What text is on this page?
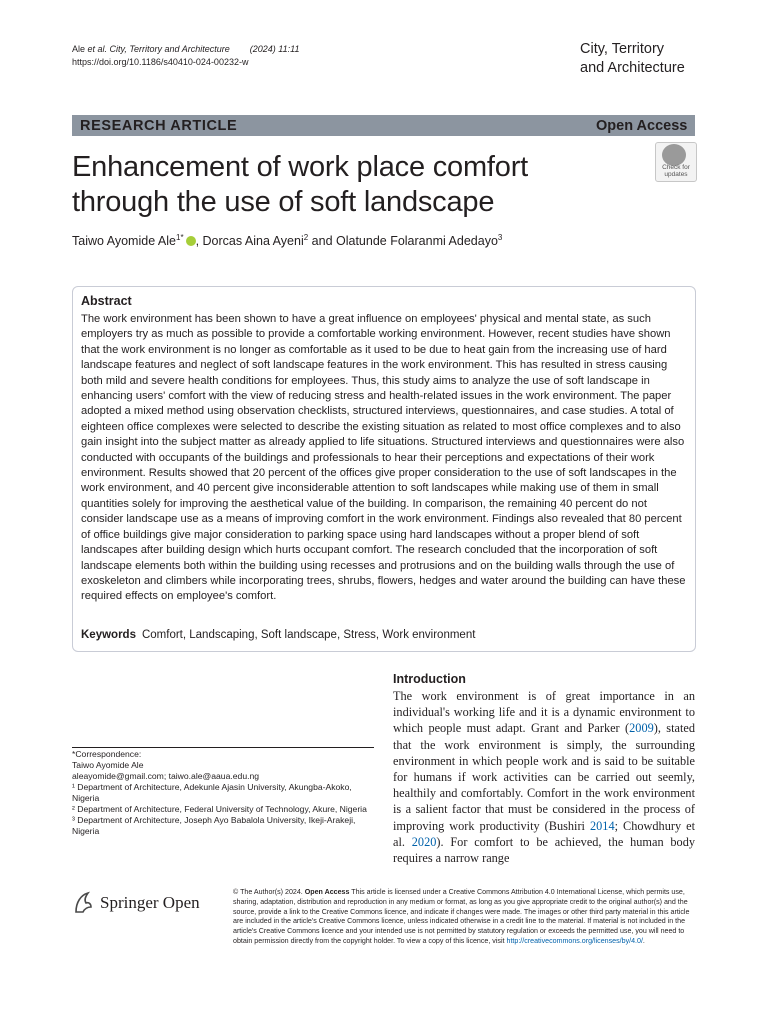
Ale et al. City, Territory and Architecture (2024) 11:11
https://doi.org/10.1186/s40410-024-00232-w
City, Territory
and Architecture
RESEARCH ARTICLE	Open Access
Enhancement of work place comfort through the use of soft landscape
Check for updates
Taiwo Ayomide Ale$^{1*}$ , Dorcas Aina Ayeni$^2$ and Olatunde Folaranmi Adedayo$^3$
Abstract
The work environment has been shown to have a great influence on employees' physical and mental state, as such employers try as much as possible to provide a comfortable working environment. However, recent studies have shown that the work environment is no longer as comfortable as it used to be due to heat gain from the increasing use of hard landscape features and neglect of soft landscape features in the work environment. This has resulted in stress causing both mild and severe health conditions for employees. Thus, this study aims to analyze the use of soft landscape in enhancing users' comfort with the view of reducing stress and health-related issues in the work environment. The paper adopted a mixed method using observation checklists, structured interviews, questionnaires, and case studies. A total of eighteen office complexes were selected to describe the existing situation as related to most office complexes and to also gain insight into the subject matter as already applied to life situations. Structured interviews and questionnaires were also conducted with occupants of the buildings and professionals to hear their perceptions and expectations of their work environment. Results showed that 20 percent of the offices give proper consideration to the use of soft landscapes in the work environment, and 40 percent give inconsiderable attention to soft landscapes while making use of them in small quantities solely for improving the aesthetical value of the building. In comparison, the remaining 40 percent do not consider landscape use as a means of improving comfort in the work environment. Findings also revealed that 80 percent of office buildings give major consideration to parking space using hard landscapes without a proper blend of soft landscapes after building design which hurts occupant comfort. The research concluded that the incorporation of soft landscape elements both within the building using recesses and protrusions and on the building walls through the use of exoskeleton and climbers while incorporating trees, shrubs, flowers, hedges and water around the building can have these required effects on employee's comfort.
Keywords Comfort, Landscaping, Soft landscape, Stress, Work environment
Introduction
The work environment is of great importance in an individual's working life and it is a dynamic environment to which people must adapt. Grant and Parker (2009), stated that the work environment is simply, the surrounding environment in which people work and is said to be suitable for humans if work activities can be carried out seemly, healthily and comfortably. Comfort in the work environment is a salient factor that must be considered in the process of improving work productivity (Bushiri 2014; Chowdhury et al. 2020). For comfort to be achieved, the human body requires a narrow range
*Correspondence:
Taiwo Ayomide Ale
aleayomide@gmail.com; taiwo.ale@aaua.edu.ng
¹ Department of Architecture, Adekunle Ajasin University, Akungba-Akoko, Nigeria
² Department of Architecture, Federal University of Technology, Akure, Nigeria
³ Department of Architecture, Joseph Ayo Babalola University, Ikeji-Arakeji, Nigeria
Springer Open
© The Author(s) 2024. Open Access This article is licensed under a Creative Commons Attribution 4.0 International License, which permits use, sharing, adaptation, distribution and reproduction in any medium or format, as long as you give appropriate credit to the original author(s) and the source, provide a link to the Creative Commons licence, and indicate if changes were made. The images or other third party material in this article are included in the article's Creative Commons licence, unless indicated otherwise in a credit line to the material. If material is not included in the article's Creative Commons licence and your intended use is not permitted by statutory regulation or exceeds the permitted use, you will need to obtain permission directly from the copyright holder. To view a copy of this licence, visit http://creativecommons.org/licenses/by/4.0/.
